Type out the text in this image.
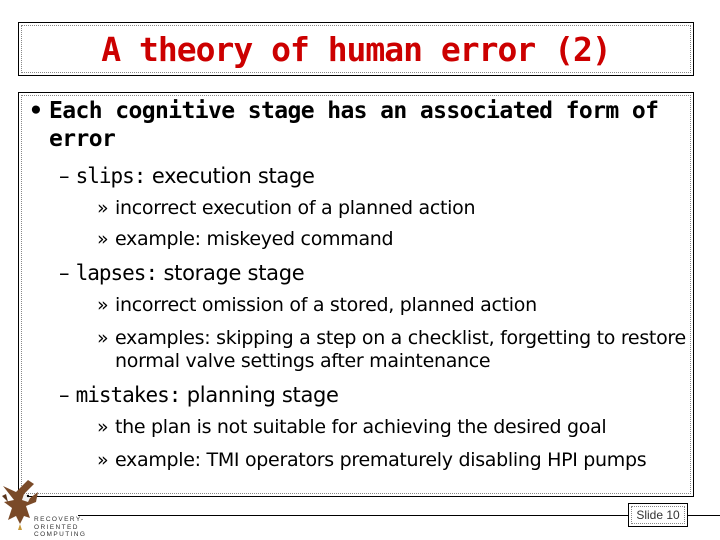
A theory of human error (2)
• Each cognitive stage has an associated form of error
– slips: execution stage
» incorrect execution of a planned action
» example: miskeyed command
– lapses: storage stage
» incorrect omission of a stored, planned action
» examples: skipping a step on a checklist, forgetting to restore normal valve settings after maintenance
– mistakes: planning stage
» the plan is not suitable for achieving the desired goal
» example: TMI operators prematurely disabling HPI pumps
Slide 10
RECOVERY-
ORIENTED
COMPUTING
